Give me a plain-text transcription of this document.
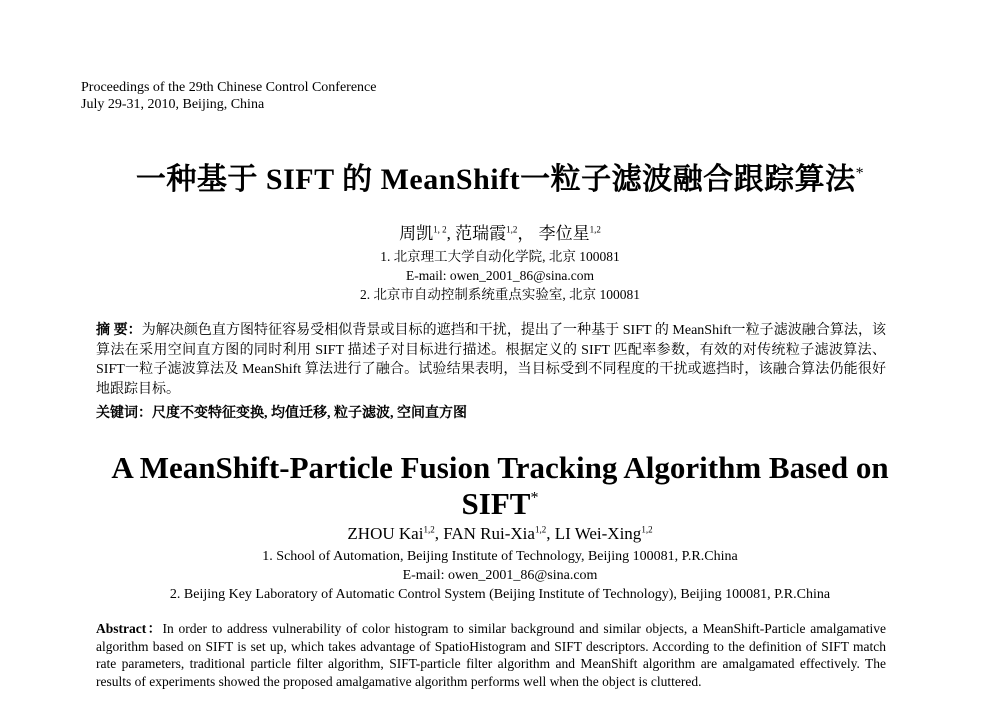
Proceedings of the 29th Chinese Control Conference
July 29-31, 2010, Beijing, China
一种基于 SIFT 的 MeanShift一粒子滤波融合跟踪算法*
周凯$^{1, 2}$, 范瑞霞$^{1,2}$， 李位星$^{1,2}$
1. 北京理工大学自动化学院, 北京 100081
E-mail: owen_2001_86@sina.com
2. 北京市自动控制系统重点实验室, 北京 100081
摘 要：为解决颜色直方图特征容易受相似背景或目标的遮挡和干扰，提出了一种基于 SIFT 的 MeanShift一粒子滤波融合算法，该算法在采用空间直方图的同时利用 SIFT 描述子对目标进行描述。根据定义的 SIFT 匹配率参数，有效的对传统粒子滤波算法、SIFT一粒子滤波算法及 MeanShift 算法进行了融合。试验结果表明，当目标受到不同程度的干扰或遮挡时，该融合算法仍能很好地跟踪目标。
关键词：尺度不变特征变换, 均值迁移, 粒子滤波, 空间直方图
A MeanShift-Particle Fusion Tracking Algorithm Based on
SIFT*
ZHOU Kai$^{1,2}$, FAN Rui-Xia$^{1,2}$, LI Wei-Xing$^{1,2}$
1. School of Automation, Beijing Institute of Technology, Beijing 100081, P.R.China
E-mail: owen_2001_86@sina.com
2. Beijing Key Laboratory of Automatic Control System (Beijing Institute of Technology), Beijing 100081, P.R.China
Abstract：In order to address vulnerability of color histogram to similar background and similar objects, a MeanShift-Particle amalgamative algorithm based on SIFT is set up, which takes advantage of SpatioHistogram and SIFT descriptors. According to the definition of SIFT match rate parameters, traditional particle filter algorithm, SIFT-particle filter algorithm and MeanShift algorithm are amalgamated effectively. The results of experiments showed the proposed amalgamative algorithm performs well when the object is cluttered.
